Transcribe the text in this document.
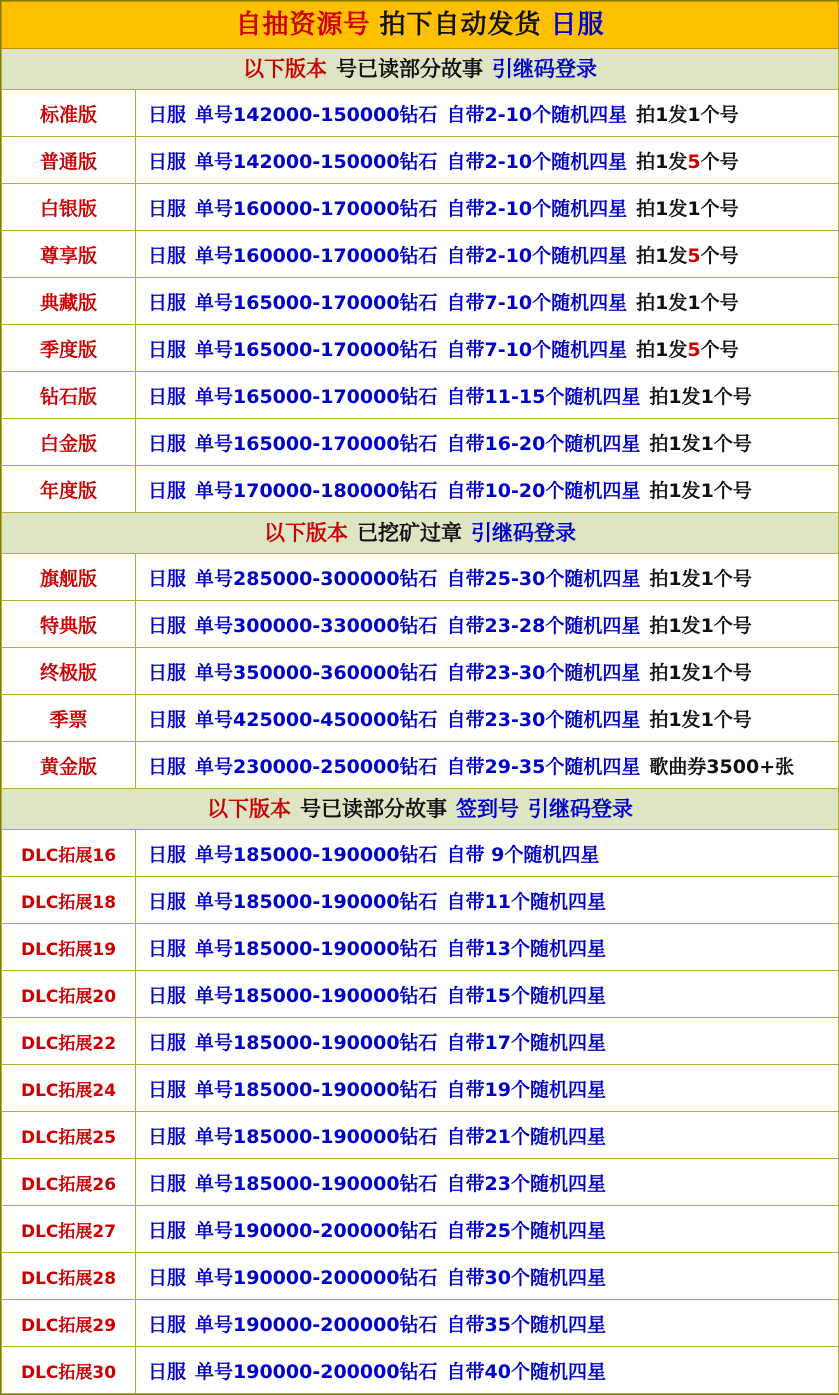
自抽资源号 拍下自动发货 日服	

以下版本 号已读部分故事 引继码登录	

标准版	日服 单号142000-150000钻石 自带2-10个随机四星 拍1发1个号
普通版	日服 单号142000-150000钻石 自带2-10个随机四星 拍1发5个号
白银版	日服 单号160000-170000钻石 自带2-10个随机四星 拍1发1个号
尊享版	日服 单号160000-170000钻石 自带2-10个随机四星 拍1发5个号
典藏版	日服 单号165000-170000钻石 自带7-10个随机四星 拍1发1个号
季度版	日服 单号165000-170000钻石 自带7-10个随机四星 拍1发5个号
钻石版	日服 单号165000-170000钻石 自带11-15个随机四星 拍1发1个号
白金版	日服 单号165000-170000钻石 自带16-20个随机四星 拍1发1个号
年度版	日服 单号170000-180000钻石 自带10-20个随机四星 拍1发1个号

以下版本 已挖矿过章 引继码登录	

旗舰版	日服 单号285000-300000钻石 自带25-30个随机四星 拍1发1个号
特典版	日服 单号300000-330000钻石 自带23-28个随机四星 拍1发1个号
终极版	日服 单号350000-360000钻石 自带23-30个随机四星 拍1发1个号
季票	日服 单号425000-450000钻石 自带23-30个随机四星 拍1发1个号
黄金版	日服 单号230000-250000钻石 自带29-35个随机四星 歌曲券3500+张

以下版本 号已读部分故事 签到号 引继码登录	

DLC拓展16	日服 单号185000-190000钻石 自带 9个随机四星
DLC拓展18	日服 单号185000-190000钻石 自带11个随机四星
DLC拓展19	日服 单号185000-190000钻石 自带13个随机四星
DLC拓展20	日服 单号185000-190000钻石 自带15个随机四星
DLC拓展22	日服 单号185000-190000钻石 自带17个随机四星
DLC拓展24	日服 单号185000-190000钻石 自带19个随机四星
DLC拓展25	日服 单号185000-190000钻石 自带21个随机四星
DLC拓展26	日服 单号185000-190000钻石 自带23个随机四星
DLC拓展27	日服 单号190000-200000钻石 自带25个随机四星
DLC拓展28	日服 单号190000-200000钻石 自带30个随机四星
DLC拓展29	日服 单号190000-200000钻石 自带35个随机四星
DLC拓展30	日服 单号190000-200000钻石 自带40个随机四星
